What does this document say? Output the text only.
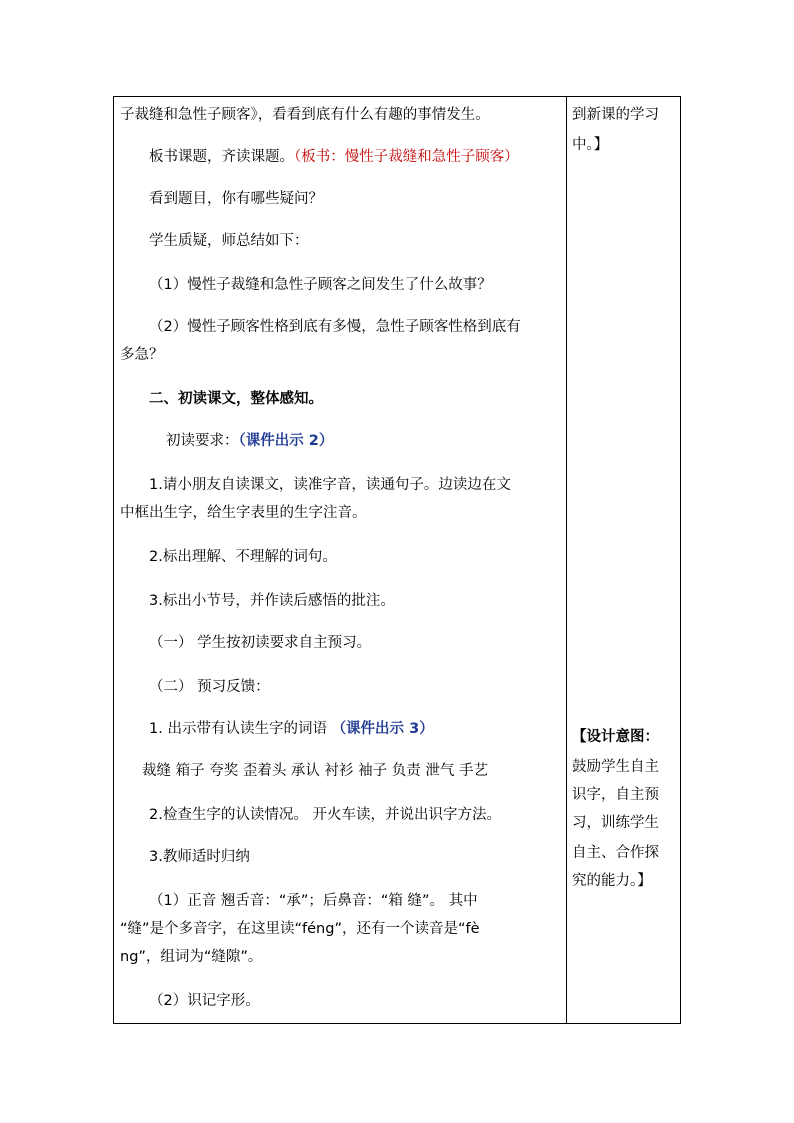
子裁缝和急性子顾客》，看看到底有什么有趣的事情发生。
板书课题，齐读课题。（板书：慢性子裁缝和急性子顾客）
看到题目，你有哪些疑问？
学生质疑，师总结如下：
（1）慢性子裁缝和急性子顾客之间发生了什么故事？
（2）慢性子顾客性格到底有多慢，急性子顾客性格到底有
多急？
二、初读课文，整体感知。
初读要求：（课件出示 2）
1.请小朋友自读课文，读准字音，读通句子。边读边在文
中框出生字，给生字表里的生字注音。
2.标出理解、不理解的词句。
3.标出小节号，并作读后感悟的批注。
（一） 学生按初读要求自主预习。
（二） 预习反馈：
1. 出示带有认读生字的词语 （课件出示 3）
裁缝 箱子 夸奖 歪着头 承认 衬衫 袖子 负责 泄气 手艺
2.检查生字的认读情况。 开火车读，并说出识字方法。
3.教师适时归纳
（1）正音 翘舌音：“承”；后鼻音：“箱 缝”。 其中
“缝”是个多音字，在这里读“féng”，还有一个读音是“fè
ng”，组词为“缝隙”。
（2）识记字形。
到新课的学习
中。】
【设计意图：
鼓励学生自主
识字，自主预
习，训练学生
自主、合作探
究的能力。】
